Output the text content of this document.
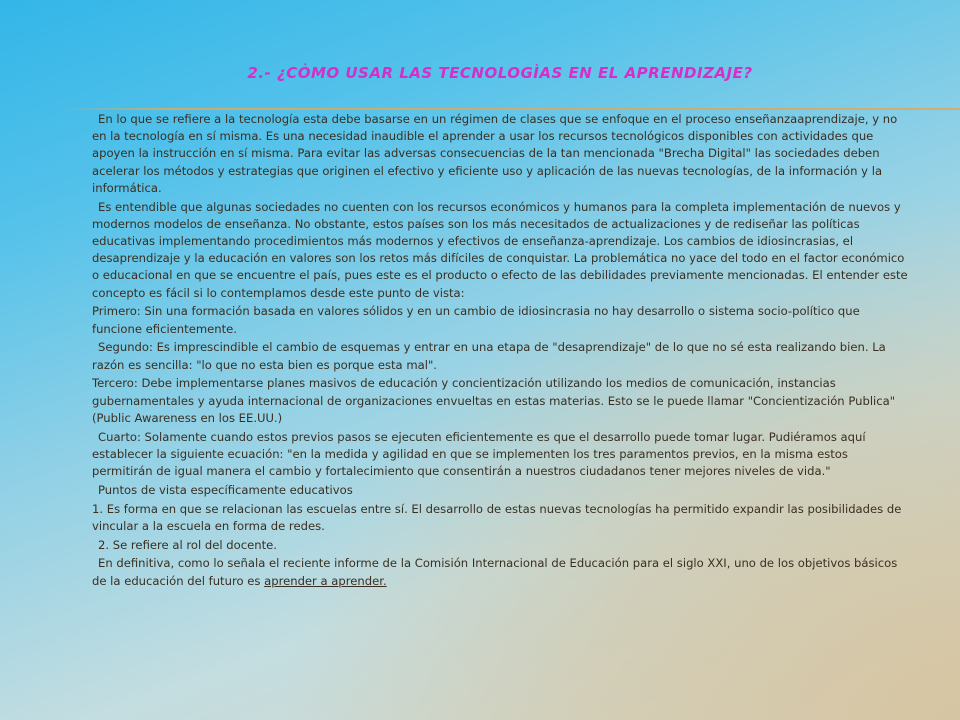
2.- ¿CÒMO USAR LAS TECNOLOGÌAS EN EL APRENDIZAJE?

En lo que se refiere a la tecnología esta debe basarse en un régimen de clases que se enfoque en el proceso enseñanzaaprendizaje, y no en la tecnología en sí misma. Es una necesidad inaudible el aprender a usar los recursos tecnológicos disponibles con actividades que apoyen la instrucción en sí misma. Para evitar las adversas consecuencias de la tan mencionada "Brecha Digital" las sociedades deben acelerar los métodos y estrategias que originen el efectivo y eficiente uso y aplicación de las nuevas tecnologías, de la información y la informática.

Es entendible que algunas sociedades no cuenten con los recursos económicos y humanos para la completa implementación de nuevos y modernos modelos de enseñanza. No obstante, estos países son los más necesitados de actualizaciones y de rediseñar las políticas educativas implementando procedimientos más modernos y efectivos de enseñanza-aprendizaje. Los cambios de idiosincrasias, el desaprendizaje y la educación en valores son los retos más difíciles de conquistar. La problemática no yace del todo en el factor económico o educacional en que se encuentre el país, pues este es el producto o efecto de las debilidades previamente mencionadas. El entender este concepto es fácil si lo contemplamos desde este punto de vista:

Primero: Sin una formación basada en valores sólidos y en un cambio de idiosincrasia no hay desarrollo o sistema socio-político que funcione eficientemente.

Segundo: Es imprescindible el cambio de esquemas y entrar en una etapa de "desaprendizaje" de lo que no sé esta realizando bien. La razón es sencilla: "lo que no esta bien es porque esta mal".

Tercero: Debe implementarse planes masivos de educación y concientización utilizando los medios de comunicación, instancias gubernamentales y ayuda internacional de organizaciones envueltas en estas materias. Esto se le puede llamar "Concientización Publica" (Public Awareness en los EE.UU.)

Cuarto: Solamente cuando estos previos pasos se ejecuten eficientemente es que el desarrollo puede tomar lugar. Pudiéramos aquí establecer la siguiente ecuación: "en la medida y agilidad en que se implementen los tres paramentos previos, en la misma estos permitirán de igual manera el cambio y fortalecimiento que consentirán a nuestros ciudadanos tener mejores niveles de vida."

Puntos de vista específicamente educativos

1. Es forma en que se relacionan las escuelas entre sí. El desarrollo de estas nuevas tecnologías ha permitido expandir las posibilidades de vincular a la escuela en forma de redes.

2. Se refiere al rol del docente.

En definitiva, como lo señala el reciente informe de la Comisión Internacional de Educación para el siglo XXI, uno de los objetivos básicos de la educación del futuro es aprender a aprender.
